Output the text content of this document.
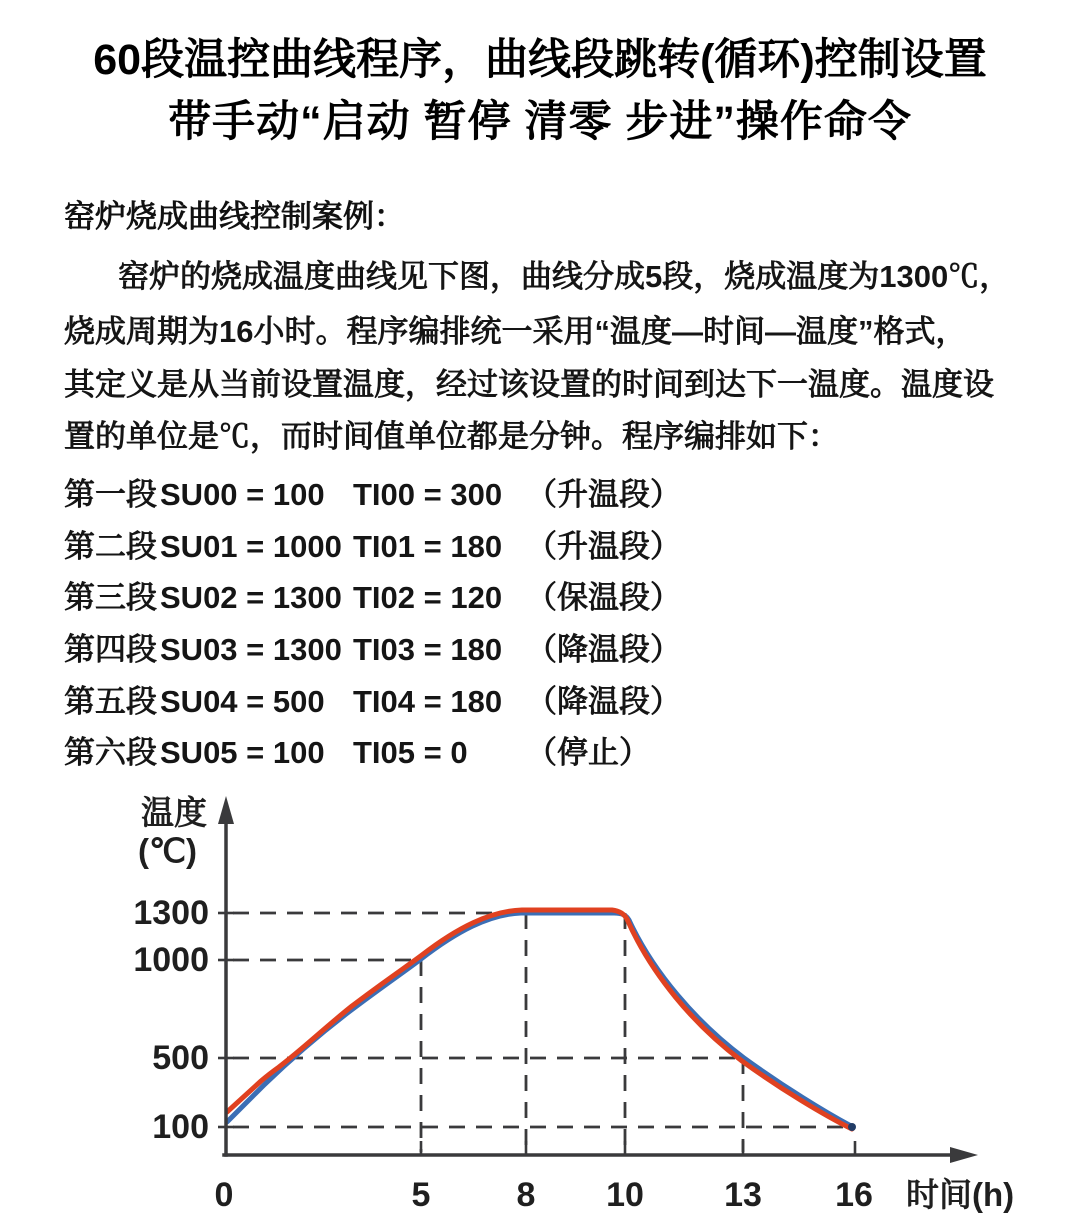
60段温控曲线程序，曲线段跳转(循环)控制设置
带手动“启动 暂停 清零 步进”操作命令
窑炉烧成曲线控制案例：
窑炉的烧成温度曲线见下图，曲线分成5段，烧成温度为1300℃，
烧成周期为16小时。程序编排统一采用“温度—时间—温度”格式，
其定义是从当前设置温度，经过该设置的时间到达下一温度。温度设
置的单位是℃，而时间值单位都是分钟。程序编排如下：
第一段 SU00 = 100 TI00 = 300 （升温段）
第二段 SU01 = 1000 TI01 = 180 （升温段）
第三段 SU02 = 1300 TI02 = 120 （保温段）
第四段 SU03 = 1300 TI03 = 180 （降温段）
第五段 SU04 = 500 TI04 = 180 （降温段）
第六段 SU05 = 100 TI05 = 0 （停止）
温度
(℃)
1300
1000
500
100
0	5	8 10 13 16 时间(h)
